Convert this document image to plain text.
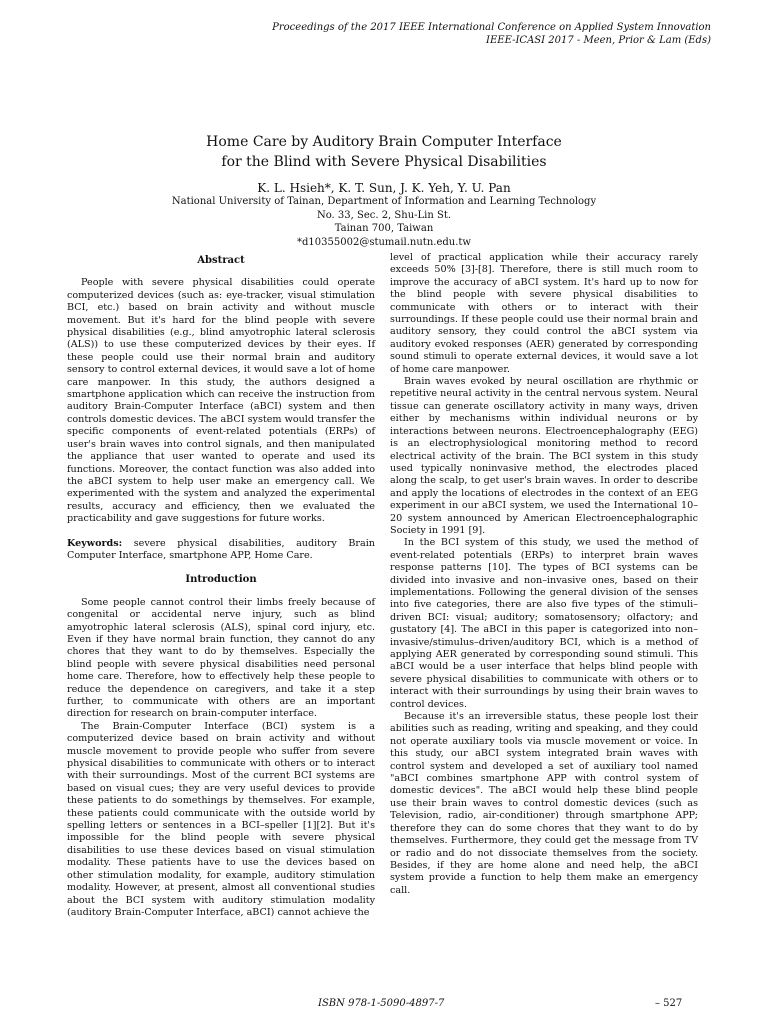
Proceedings of the 2017 IEEE International Conference on Applied System Innovation
IEEE-ICASI 2017 - Meen, Prior & Lam (Eds)
Home Care by Auditory Brain Computer Interface
for the Blind with Severe Physical Disabilities
K. L. Hsieh*, K. T. Sun, J. K. Yeh, Y. U. Pan
National University of Tainan, Department of Information and Learning Technology
No. 33, Sec. 2, Shu-Lin St.
Tainan 700, Taiwan
*d10355002@stumail.nutn.edu.tw
Abstract

People with severe physical disabilities could operate computerized devices (such as: eye-tracker, visual stimulation BCI, etc.) based on brain activity and without muscle movement. But it's hard for the blind people with severe physical disabilities (e.g., blind amyotrophic lateral sclerosis (ALS)) to use these computerized devices by their eyes. If these people could use their normal brain and auditory sensory to control external devices, it would save a lot of home care manpower. In this study, the authors designed a smartphone application which can receive the instruction from auditory Brain-Computer Interface (aBCI) system and then controls domestic devices. The aBCI system would transfer the specific components of event-related potentials (ERPs) of user's brain waves into control signals, and then manipulated the appliance that user wanted to operate and used its functions. Moreover, the contact function was also added into the aBCI system to help user make an emergency call. We experimented with the system and analyzed the experimental results, accuracy and efficiency, then we evaluated the practicability and gave suggestions for future works.

Keywords: severe physical disabilities, auditory Brain Computer Interface, smartphone APP, Home Care.

Introduction

Some people cannot control their limbs freely because of congenital or accidental nerve injury, such as blind amyotrophic lateral sclerosis (ALS), spinal cord injury, etc. Even if they have normal brain function, they cannot do any chores that they want to do by themselves. Especially the blind people with severe physical disabilities need personal home care. Therefore, how to effectively help these people to reduce the dependence on caregivers, and take it a step further, to communicate with others are an important direction for research on brain-computer interface.

The Brain-Computer Interface (BCI) system is a computerized device based on brain activity and without muscle movement to provide people who suffer from severe physical disabilities to communicate with others or to interact with their surroundings. Most of the current BCI systems are based on visual cues; they are very useful devices to provide these patients to do somethings by themselves. For example, these patients could communicate with the outside world by spelling letters or sentences in a BCI–speller [1][2]. But it's impossible for the blind people with severe physical disabilities to use these devices based on visual stimulation modality. These patients have to use the devices based on other stimulation modality, for example, auditory stimulation modality. However, at present, almost all conventional studies about the BCI system with auditory stimulation modality (auditory Brain-Computer Interface, aBCI) cannot achieve the

level of practical application while their accuracy rarely exceeds 50% [3]-[8]. Therefore, there is still much room to improve the accuracy of aBCI system. It's hard up to now for the blind people with severe physical disabilities to communicate with others or to interact with their surroundings. If these people could use their normal brain and auditory sensory, they could control the aBCI system via auditory evoked responses (AER) generated by corresponding sound stimuli to operate external devices, it would save a lot of home care manpower.

Brain waves evoked by neural oscillation are rhythmic or repetitive neural activity in the central nervous system. Neural tissue can generate oscillatory activity in many ways, driven either by mechanisms within individual neurons or by interactions between neurons. Electroencephalography (EEG) is an electrophysiological monitoring method to record electrical activity of the brain. The BCI system in this study used typically noninvasive method, the electrodes placed along the scalp, to get user's brain waves. In order to describe and apply the locations of electrodes in the context of an EEG experiment in our aBCI system, we used the International 10–20 system announced by American Electroencephalographic Society in 1991 [9].

In the BCI system of this study, we used the method of event-related potentials (ERPs) to interpret brain waves response patterns [10]. The types of BCI systems can be divided into invasive and non–invasive ones, based on their implementations. Following the general division of the senses into five categories, there are also five types of the stimuli–driven BCI: visual; auditory; somatosensory; olfactory; and gustatory [4]. The aBCI in this paper is categorized into non–invasive/stimulus–driven/auditory BCI, which is a method of applying AER generated by corresponding sound stimuli. This aBCI would be a user interface that helps blind people with severe physical disabilities to communicate with others or to interact with their surroundings by using their brain waves to control devices.

Because it's an irreversible status, these people lost their abilities such as reading, writing and speaking, and they could not operate auxiliary tools via muscle movement or voice. In this study, our aBCI system integrated brain waves with control system and developed a set of auxiliary tool named "aBCI combines smartphone APP with control system of domestic devices". The aBCI would help these blind people use their brain waves to control domestic devices (such as Television, radio, air-conditioner) through smartphone APP; therefore they can do some chores that they want to do by themselves. Furthermore, they could get the message from TV or radio and do not dissociate themselves from the society. Besides, if they are home alone and need help, the aBCI system provide a function to help them make an emergency call.

ISBN 978-1-5090-4897-7	– 527
